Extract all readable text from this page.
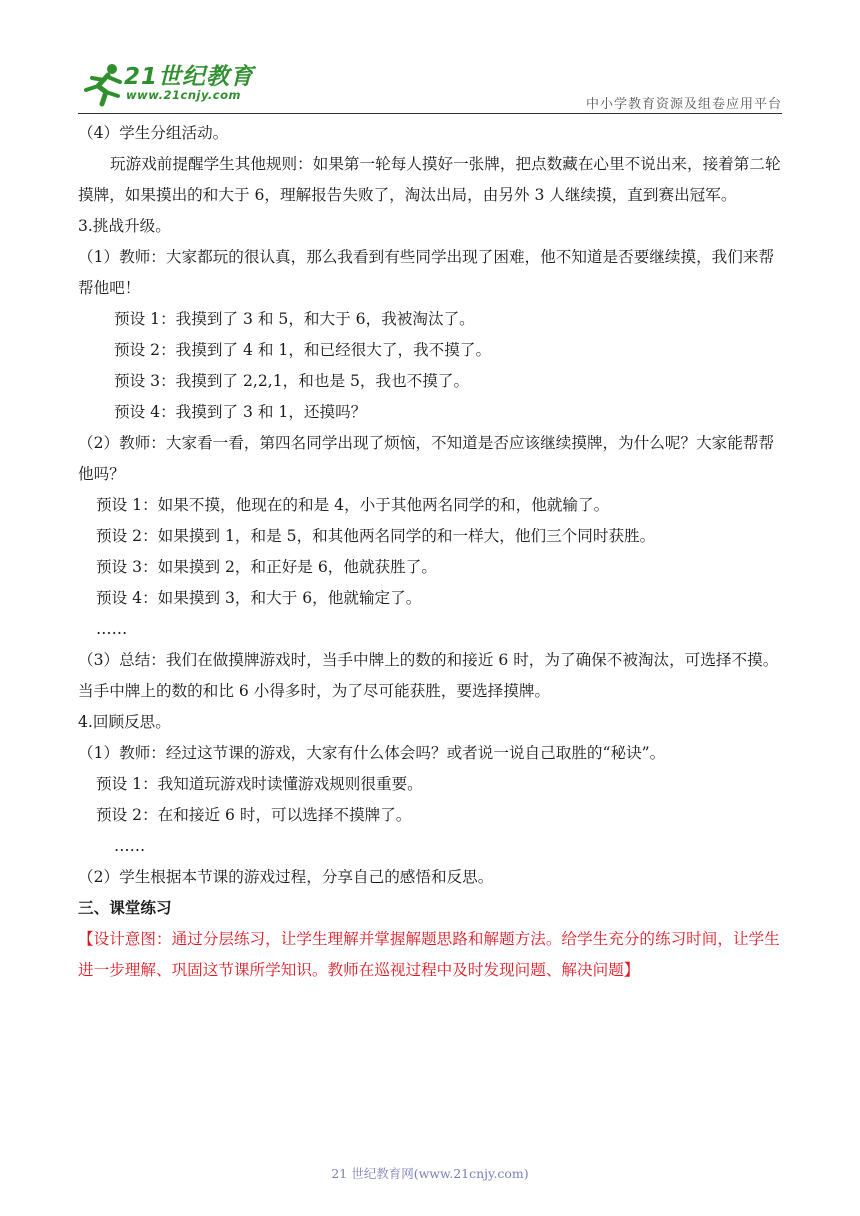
21世纪教育
www.21cnjy.com
中小学教育资源及组卷应用平台

（4）学生分组活动。

玩游戏前提醒学生其他规则：如果第一轮每人摸好一张牌，把点数藏在心里不说出来，接着第二轮摸牌，如果摸出的和大于 6，理解报告失败了，淘汰出局，由另外 3 人继续摸，直到赛出冠军。

3.挑战升级。

（1）教师：大家都玩的很认真，那么我看到有些同学出现了困难，他不知道是否要继续摸，我们来帮帮他吧！

预设 1：我摸到了 3 和 5，和大于 6，我被淘汰了。

预设 2：我摸到了 4 和 1，和已经很大了，我不摸了。

预设 3：我摸到了 2,2,1，和也是 5，我也不摸了。

预设 4：我摸到了 3 和 1，还摸吗？

（2）教师：大家看一看，第四名同学出现了烦恼，不知道是否应该继续摸牌，为什么呢？大家能帮帮他吗？

预设 1：如果不摸，他现在的和是 4，小于其他两名同学的和，他就输了。

预设 2：如果摸到 1，和是 5，和其他两名同学的和一样大，他们三个同时获胜。

预设 3：如果摸到 2，和正好是 6，他就获胜了。

预设 4：如果摸到 3，和大于 6，他就输定了。

……

（3）总结：我们在做摸牌游戏时，当手中牌上的数的和接近 6 时，为了确保不被淘汰，可选择不摸。当手中牌上的数的和比 6 小得多时，为了尽可能获胜，要选择摸牌。

4.回顾反思。

（1）教师：经过这节课的游戏，大家有什么体会吗？或者说一说自己取胜的“秘诀”。

预设 1：我知道玩游戏时读懂游戏规则很重要。

预设 2：在和接近 6 时，可以选择不摸牌了。

……

（2）学生根据本节课的游戏过程，分享自己的感悟和反思。

三、课堂练习

【设计意图：通过分层练习，让学生理解并掌握解题思路和解题方法。给学生充分的练习时间，让学生进一步理解、巩固这节课所学知识。教师在巡视过程中及时发现问题、解决问题】

21 世纪教育网(www.21cnjy.com)
